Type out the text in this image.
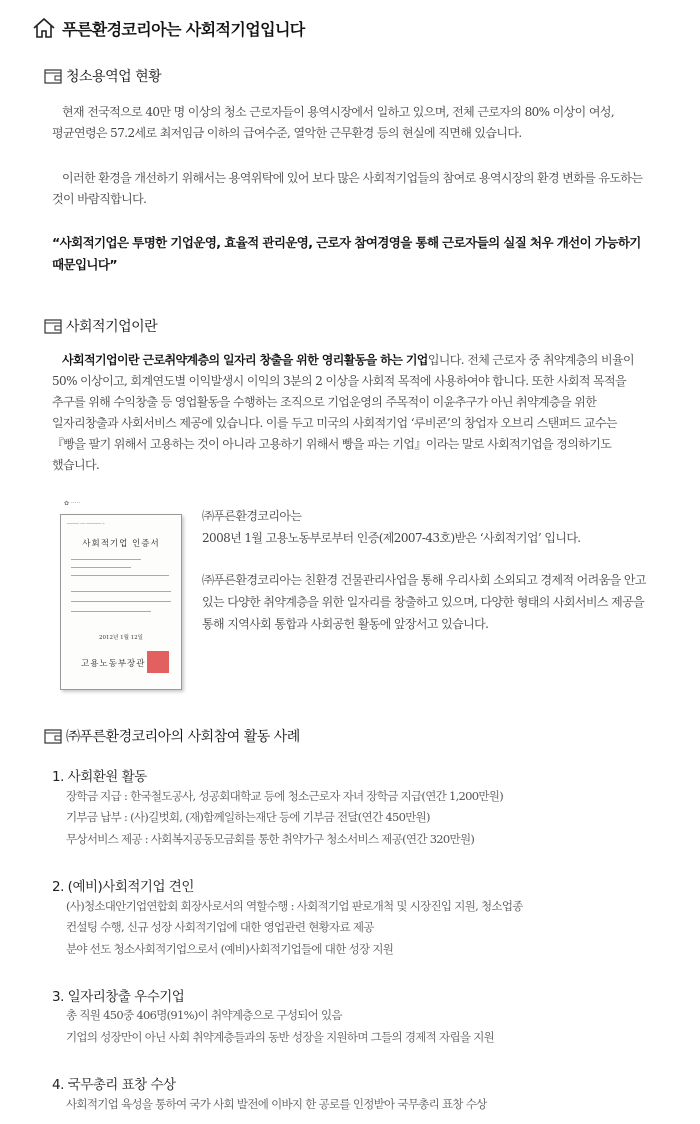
푸른환경코리아는 사회적기업입니다
청소용역업 현황

현재 전국적으로 40만 명 이상의 청소 근로자들이 용역시장에서 일하고 있으며, 전체 근로자의 80% 이상이 여성, 평균연령은 57.2세로 최저임금 이하의 급여수준, 열악한 근무환경 등의 현실에 직면해 있습니다.

이러한 환경을 개선하기 위해서는 용역위탁에 있어 보다 많은 사회적기업들의 참여로 용역시장의 환경 변화를 유도하는 것이 바람직합니다.

“사회적기업은 투명한 기업운영, 효율적 관리운영, 근로자 참여경영을 통해 근로자들의 실질 처우 개선이 가능하기 때문입니다”

사회적기업이란

사회적기업이란 근로취약계층의 일자리 창출을 위한 영리활동을 하는 기업입니다. 전체 근로자 중 취약계층의 비율이 50% 이상이고, 회계연도별 이익발생시 이익의 3분의 2 이상을 사회적 목적에 사용하여야 합니다. 또한 사회적 목적을 추구를 위해 수익창출 등 영업활동을 수행하는 조직으로 기업운영의 주목적이 이윤추구가 아닌 취약계층을 위한 일자리창출과 사회서비스 제공에 있습니다. 이를 두고 미국의 사회적기업 ‘루비콘’의 창업자 오브리 스탠퍼드 교수는『빵을 팔기 위해서 고용하는 것이 아니라 고용하기 위해서 빵을 파는 기업』이라는 말로 사회적기업을 정의하기도 했습니다.

✿ ·····
───── ── ────── ─
사회적기업 인증서
2012년 1월 12일
고용노동부장관

㈜푸른환경코리아는

2008년 1월 고용노동부로부터 인증(제2007-43호)받은 ‘사회적기업’ 입니다.

㈜푸른환경코리아는 친환경 건물관리사업을 통해 우리사회 소외되고 경제적 어려움을 안고 있는 다양한 취약계층을 위한 일자리를 창출하고 있으며, 다양한 형태의 사회서비스 제공을 통해 지역사회 통합과 사회공헌 활동에 앞장서고 있습니다.

㈜푸른환경코리아의 사회참여 활동 사례
1. 사회환원 활동
장학금 지급 : 한국철도공사, 성공회대학교 등에 청소근로자 자녀 장학금 지급(연간 1,200만원)
기부금 납부 : (사)길벗회, (재)함께일하는재단 등에 기부금 전달(연간 450만원)
무상서비스 제공 : 사회복지공동모금회를 통한 취약가구 청소서비스 제공(연간 320만원)
2. (예비)사회적기업 견인
(사)청소대안기업연합회 회장사로서의 역할수행 : 사회적기업 판로개척 및 시장진입 지원, 청소업종
컨설팅 수행, 신규 성장 사회적기업에 대한 영업관련 현황자료 제공
분야 선도 청소사회적기업으로서 (예비)사회적기업들에 대한 성장 지원
3. 일자리창출 우수기업
총 직원 450중 406명(91%)이 취약계층으로 구성되어 있음
기업의 성장만이 아닌 사회 취약계층들과의 동반 성장을 지원하며 그들의 경제적 자립을 지원
4. 국무총리 표창 수상
사회적기업 육성을 통하여 국가 사회 발전에 이바지 한 공로를 인정받아 국무총리 표창 수상
